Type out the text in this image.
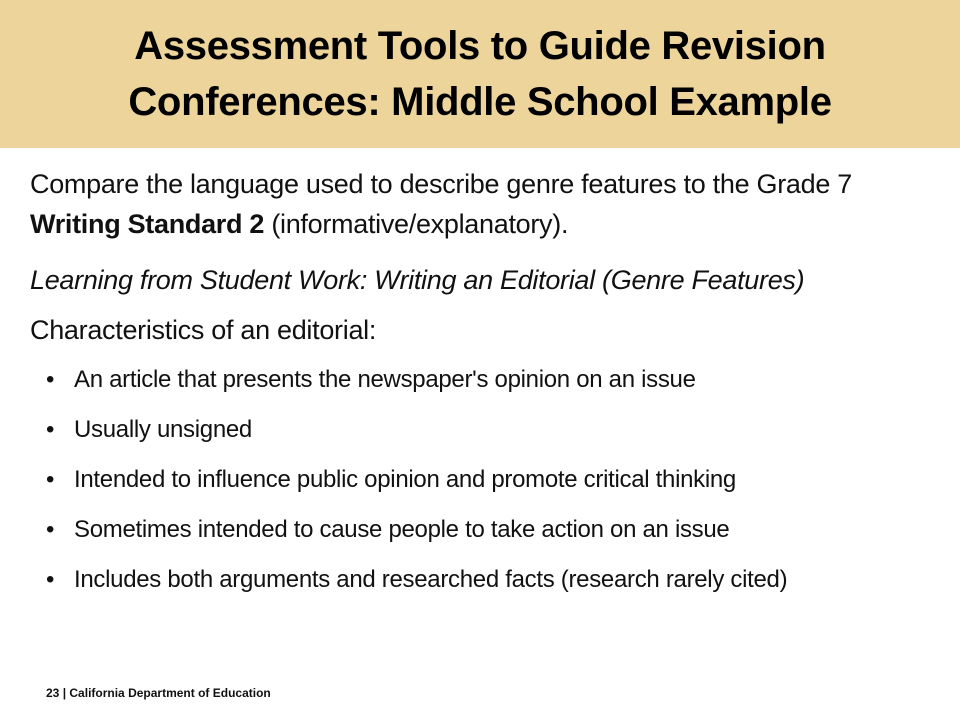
Assessment Tools to Guide Revision
Conferences: Middle School Example

Compare the language used to describe genre features to the Grade 7 Writing Standard 2 (informative/explanatory).

Learning from Student Work: Writing an Editorial (Genre Features)

Characteristics of an editorial:

• An article that presents the newspaper's opinion on an issue
• Usually unsigned
• Intended to influence public opinion and promote critical thinking
• Sometimes intended to cause people to take action on an issue
• Includes both arguments and researched facts (research rarely cited)
23 | California Department of Education
